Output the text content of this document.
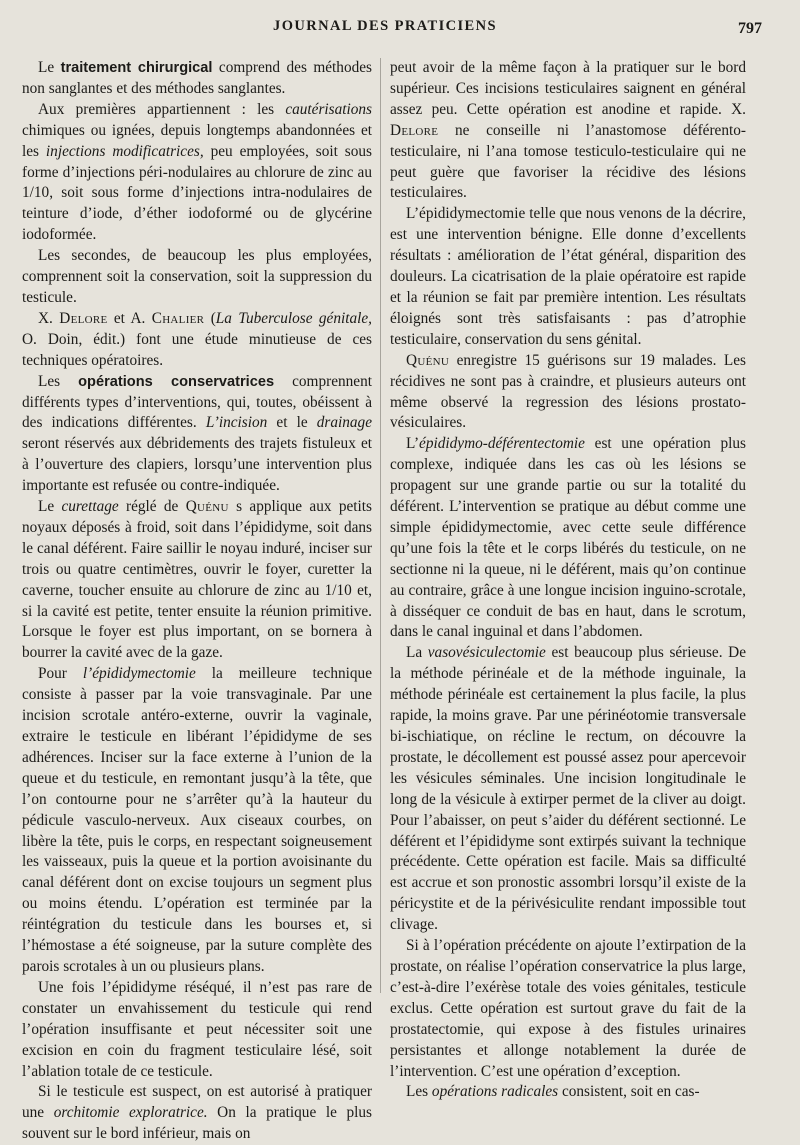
JOURNAL DES PRATICIENS	797

Le traitement chirurgical comprend des méthodes non sanglantes et des méthodes sanglantes.

Aux premières appartiennent : les cautérisations chimiques ou ignées, depuis longtemps abandonnées et les injections modificatrices, peu employées, soit sous forme d’injections péri-nodulaires au chlorure de zinc au 1/10, soit sous forme d’injections intra-nodulaires de teinture d’iode, d’éther iodoformé ou de glycérine iodoformée.

Les secondes, de beaucoup les plus employées, comprennent soit la conservation, soit la suppression du testicule.

X. Delore et A. Chalier (La Tuberculose génitale, O. Doin, édit.) font une étude minutieuse de ces techniques opératoires.

Les opérations conservatrices comprennent différents types d’interventions, qui, toutes, obéissent à des indications différentes. L’incision et le drainage seront réservés aux débridements des trajets fistuleux et à l’ouverture des clapiers, lorsqu’une intervention plus importante est refusée ou contre-indiquée.

Le curettage réglé de Quénu s applique aux petits noyaux déposés à froid, soit dans l’épididyme, soit dans le canal déférent. Faire saillir le noyau induré, inciser sur trois ou quatre centimètres, ouvrir le foyer, curetter la caverne, toucher ensuite au chlorure de zinc au 1/10 et, si la cavité est petite, tenter ensuite la réunion primitive. Lorsque le foyer est plus important, on se bornera à bourrer la cavité avec de la gaze.

Pour l’épididymectomie la meilleure technique consiste à passer par la voie transvaginale. Par une incision scrotale antéro-externe, ouvrir la vaginale, extraire le testicule en libérant l’épididyme de ses adhérences. Inciser sur la face externe à l’union de la queue et du testicule, en remontant jusqu’à la tête, que l’on contourne pour ne s’arrêter qu’à la hauteur du pédicule vasculo-nerveux. Aux ciseaux courbes, on libère la tête, puis le corps, en respectant soigneusement les vaisseaux, puis la queue et la portion avoisinante du canal déférent dont on excise toujours un segment plus ou moins étendu. L’opération est terminée par la réintégration du testicule dans les bourses et, si l’hémostase a été soigneuse, par la suture complète des parois scrotales à un ou plusieurs plans.

Une fois l’épididyme réséqué, il n’est pas rare de constater un envahissement du testicule qui rend l’opération insuffisante et peut nécessiter soit une excision en coin du fragment testiculaire lésé, soit l’ablation totale de ce testicule.

Si le testicule est suspect, on est autorisé à pratiquer une orchitomie exploratrice. On la pratique le plus souvent sur le bord inférieur, mais on

peut avoir de la même façon à la pratiquer sur le bord supérieur. Ces incisions testiculaires saignent en général assez peu. Cette opération est anodine et rapide. X. Delore ne conseille ni l’anastomose déférento-testiculaire, ni l’ana tomose testiculo-testiculaire qui ne peut guère que favoriser la récidive des lésions testiculaires.

L’épididymectomie telle que nous venons de la décrire, est une intervention bénigne. Elle donne d’excellents résultats : amélioration de l’état général, disparition des douleurs. La cicatrisation de la plaie opératoire est rapide et la réunion se fait par première intention. Les résultats éloignés sont très satisfaisants : pas d’atrophie testiculaire, conservation du sens génital.

Quénu enregistre 15 guérisons sur 19 malades. Les récidives ne sont pas à craindre, et plusieurs auteurs ont même observé la regression des lésions prostato-vésiculaires.

L’épididymo-déférentectomie est une opération plus complexe, indiquée dans les cas où les lésions se propagent sur une grande partie ou sur la totalité du déférent. L’intervention se pratique au début comme une simple épididymectomie, avec cette seule différence qu’une fois la tête et le corps libérés du testicule, on ne sectionne ni la queue, ni le déférent, mais qu’on continue au contraire, grâce à une longue incision inguino-scrotale, à disséquer ce conduit de bas en haut, dans le scrotum, dans le canal inguinal et dans l’abdomen.

La vasovésiculectomie est beaucoup plus sérieuse. De la méthode périnéale et de la méthode inguinale, la méthode périnéale est certainement la plus facile, la plus rapide, la moins grave. Par une périnéotomie transversale bi-ischiatique, on récline le rectum, on découvre la prostate, le décollement est poussé assez pour apercevoir les vésicules séminales. Une incision longitudinale le long de la vésicule à extirper permet de la cliver au doigt. Pour l’abaisser, on peut s’aider du déférent sectionné. Le déférent et l’épididyme sont extirpés suivant la technique précédente. Cette opération est facile. Mais sa difficulté est accrue et son pronostic assombri lorsqu’il existe de la péricystite et de la périvésiculite rendant impossible tout clivage.

Si à l’opération précédente on ajoute l’extirpation de la prostate, on réalise l’opération conservatrice la plus large, c’est-à-dire l’exérèse totale des voies génitales, testicule exclus. Cette opération est surtout grave du fait de la prostatectomie, qui expose à des fistules urinaires persistantes et allonge notablement la durée de l’intervention. C’est une opération d’exception.

Les opérations radicales consistent, soit en cas-
